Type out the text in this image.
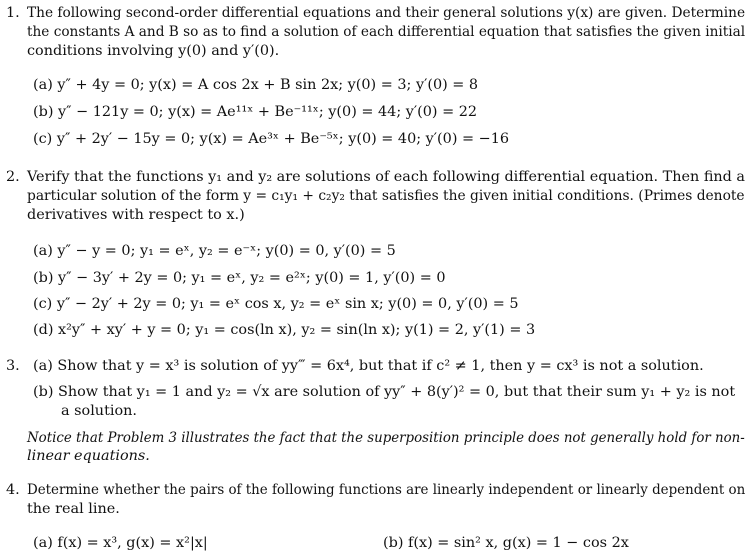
1. The following second-order differential equations and their general solutions y(x) are given. Determine
the constants A and B so as to find a solution of each differential equation that satisfies the given initial
conditions involving y(0) and y′(0).
(a) y″ + 4y = 0; y(x) = A cos 2x + B sin 2x; y(0) = 3; y′(0) = 8
(b) y″ − 121y = 0; y(x) = Ae¹¹ˣ + Be⁻¹¹ˣ; y(0) = 44; y′(0) = 22
(c) y″ + 2y′ − 15y = 0; y(x) = Ae³ˣ + Be⁻⁵ˣ; y(0) = 40; y′(0) = −16
2. Verify that the functions y₁ and y₂ are solutions of each following differential equation. Then find a
particular solution of the form y = c₁y₁ + c₂y₂ that satisfies the given initial conditions. (Primes denote
derivatives with respect to x.)
(a) y″ − y = 0; y₁ = eˣ, y₂ = e⁻ˣ; y(0) = 0, y′(0) = 5
(b) y″ − 3y′ + 2y = 0; y₁ = eˣ, y₂ = e²ˣ; y(0) = 1, y′(0) = 0
(c) y″ − 2y′ + 2y = 0; y₁ = eˣ cos x, y₂ = eˣ sin x; y(0) = 0, y′(0) = 5
(d) x²y″ + xy′ + y = 0; y₁ = cos(ln x), y₂ = sin(ln x); y(1) = 2, y′(1) = 3
3. (a) Show that y = x³ is solution of yy‴ = 6x⁴, but that if c² ≠ 1, then y = cx³ is not a solution.
(b) Show that y₁ = 1 and y₂ = √x are solution of yy″ + 8(y′)² = 0, but that their sum y₁ + y₂ is not
a solution.
Notice that Problem 3 illustrates the fact that the superposition principle does not generally hold for non-
linear equations.
4. Determine whether the pairs of the following functions are linearly independent or linearly dependent on
the real line.
(a) f(x) = x³, g(x) = x²|x|	(b) f(x) = sin² x, g(x) = 1 − cos 2x
